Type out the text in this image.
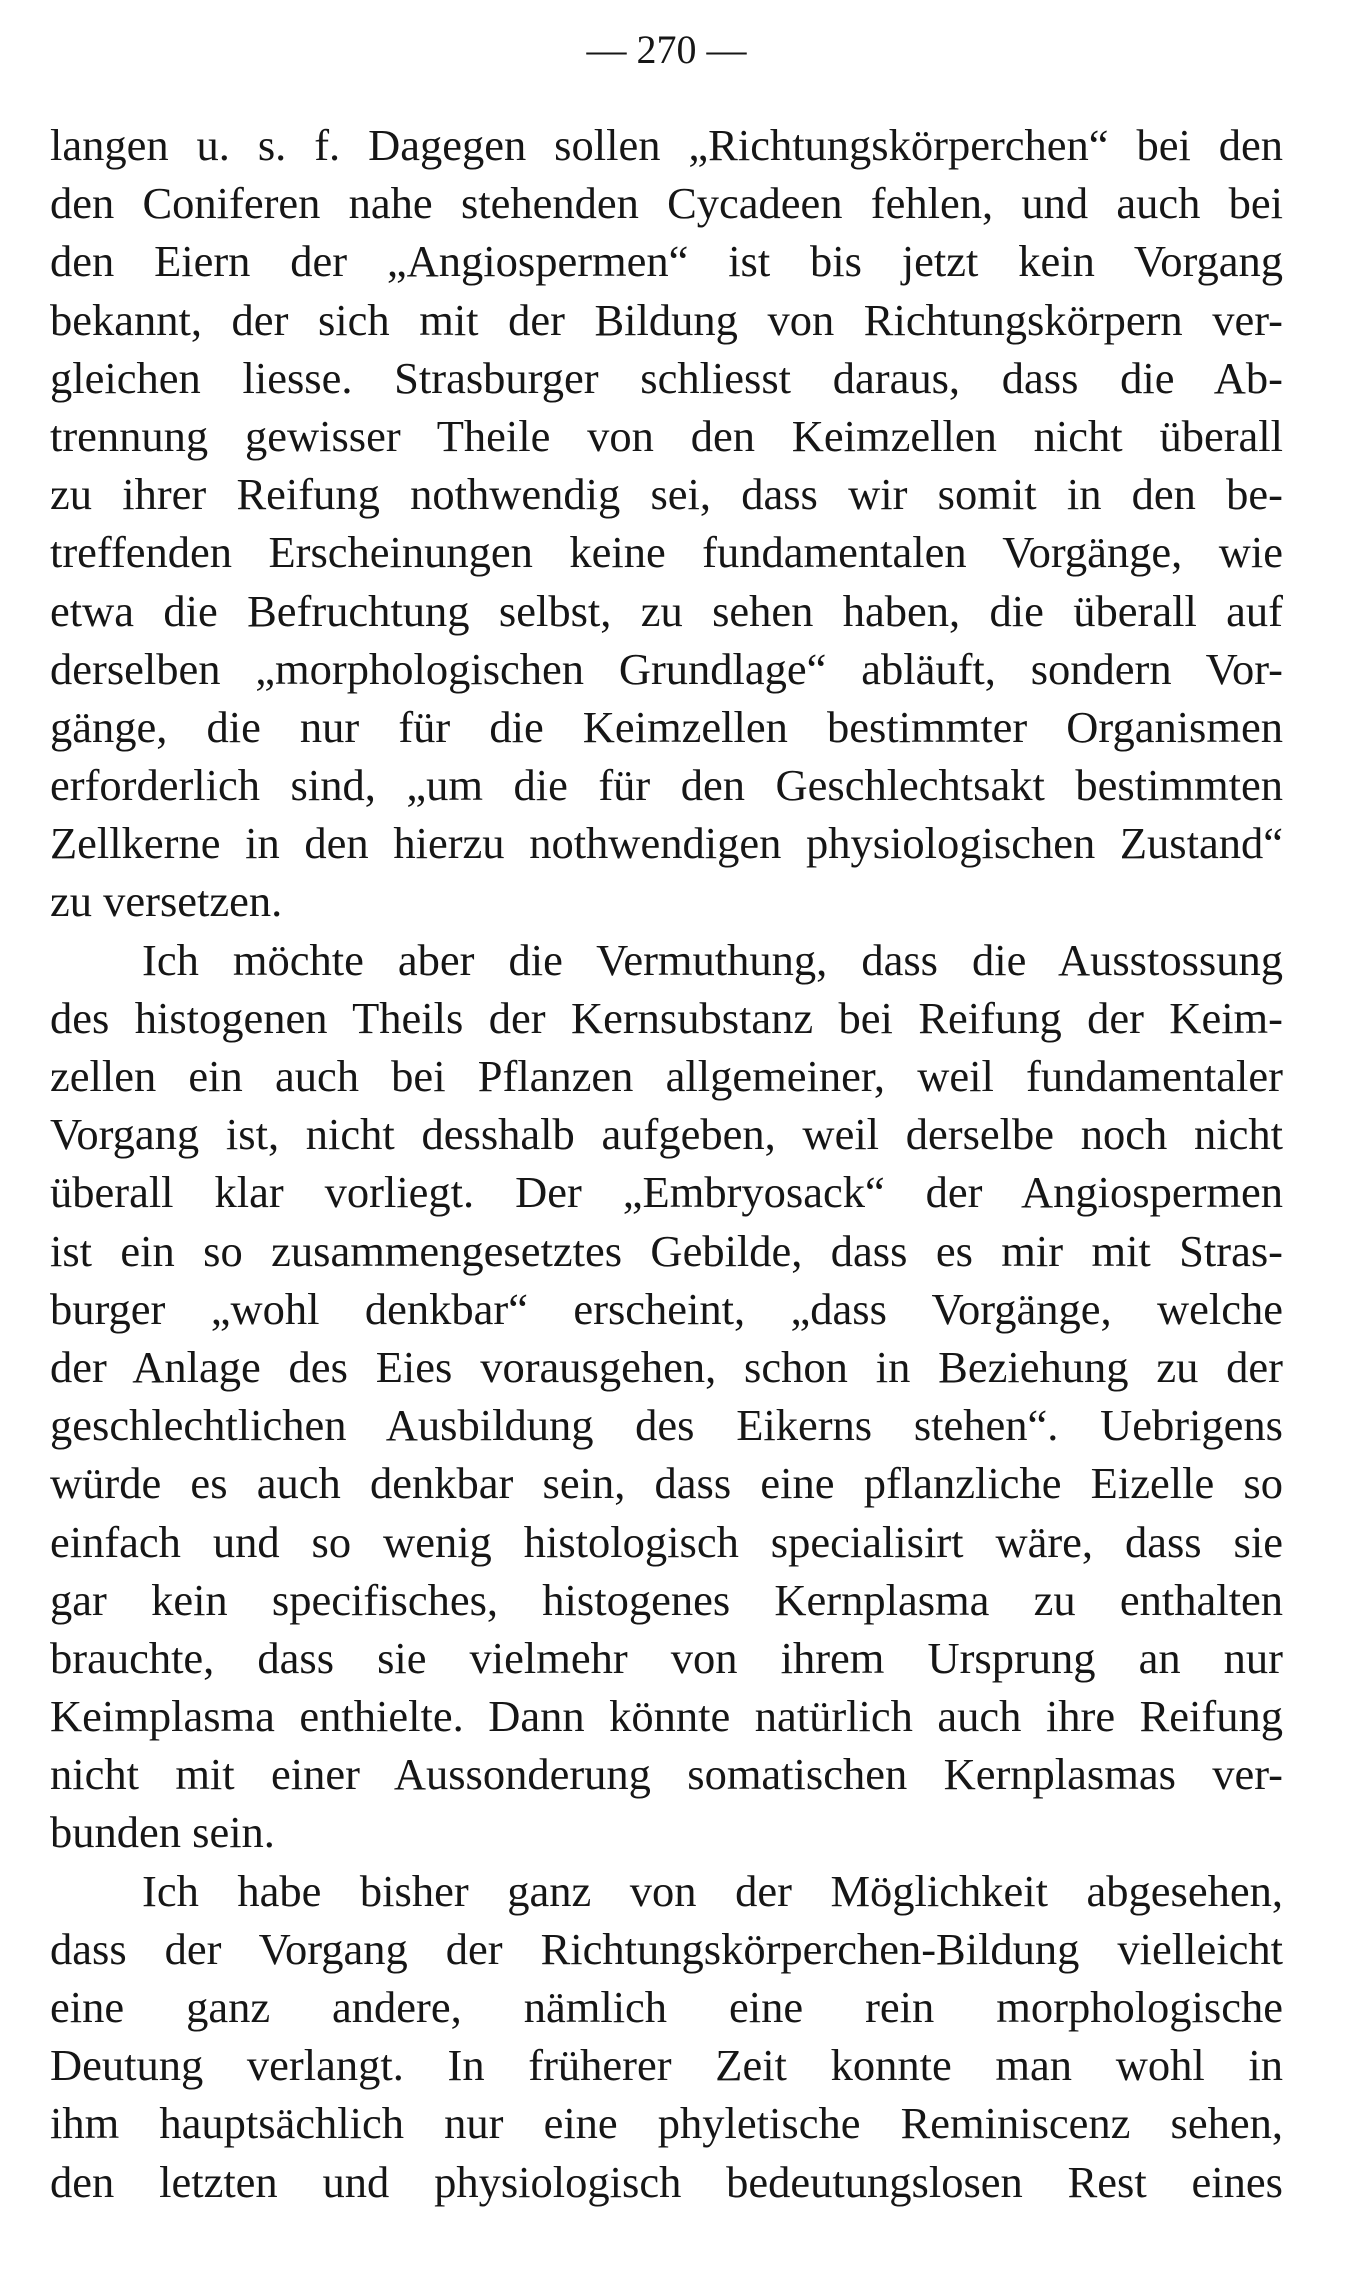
— 270 —
langen u. s. f. Dagegen sollen „Richtungskörperchen“ bei den
den Coniferen nahe stehenden Cycadeen fehlen, und auch bei
den Eiern der „Angiospermen“ ist bis jetzt kein Vorgang
bekannt, der sich mit der Bildung von Richtungskörpern ver-
gleichen liesse. Strasburger schliesst daraus, dass die Ab-
trennung gewisser Theile von den Keimzellen nicht überall
zu ihrer Reifung nothwendig sei, dass wir somit in den be-
treffenden Erscheinungen keine fundamentalen Vorgänge, wie
etwa die Befruchtung selbst, zu sehen haben, die überall auf
derselben „morphologischen Grundlage“ abläuft, sondern Vor-
gänge, die nur für die Keimzellen bestimmter Organismen
erforderlich sind, „um die für den Geschlechtsakt bestimmten
Zellkerne in den hierzu nothwendigen physiologischen Zustand“
zu versetzen.
Ich möchte aber die Vermuthung, dass die Ausstossung
des histogenen Theils der Kernsubstanz bei Reifung der Keim-
zellen ein auch bei Pflanzen allgemeiner, weil fundamentaler
Vorgang ist, nicht desshalb aufgeben, weil derselbe noch nicht
überall klar vorliegt. Der „Embryosack“ der Angiospermen
ist ein so zusammengesetztes Gebilde, dass es mir mit Stras-
burger „wohl denkbar“ erscheint, „dass Vorgänge, welche
der Anlage des Eies vorausgehen, schon in Beziehung zu der
geschlechtlichen Ausbildung des Eikerns stehen“. Uebrigens
würde es auch denkbar sein, dass eine pflanzliche Eizelle so
einfach und so wenig histologisch specialisirt wäre, dass sie
gar kein specifisches, histogenes Kernplasma zu enthalten
brauchte, dass sie vielmehr von ihrem Ursprung an nur
Keimplasma enthielte. Dann könnte natürlich auch ihre Reifung
nicht mit einer Aussonderung somatischen Kernplasmas ver-
bunden sein.
Ich habe bisher ganz von der Möglichkeit abgesehen,
dass der Vorgang der Richtungskörperchen-Bildung vielleicht
eine ganz andere, nämlich eine rein morphologische
Deutung verlangt. In früherer Zeit konnte man wohl in
ihm hauptsächlich nur eine phyletische Reminiscenz sehen,
den letzten und physiologisch bedeutungslosen Rest eines
